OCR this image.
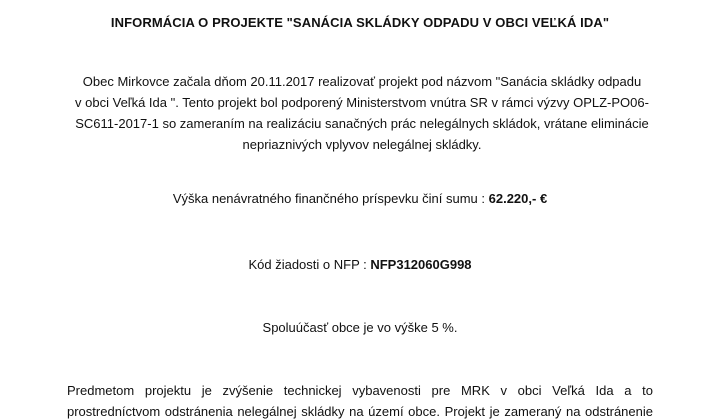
INFORMÁCIA O PROJEKTE "SANÁCIA SKLÁDKY ODPADU V OBCI VEĽKÁ IDA"
Obec Mirkovce začala dňom 20.11.2017 realizovať projekt pod názvom "Sanácia skládky odpadu
v obci Veľká Ida ". Tento projekt bol podporený Ministerstvom vnútra SR v rámci výzvy OPLZ-PO06-
SC611-2017-1 so zameraním na realizáciu sanačných prác nelegálnych skládok, vrátane eliminácie
nepriaznivých vplyvov nelegálnej skládky.
Výška nenávratného finančného príspevku činí sumu : 62.220,- €
Kód žiadosti o NFP : NFP312060G998
Spoluúčasť obce je vo výške 5 %.
Predmetom projektu je zvýšenie technickej vybavenosti pre MRK v obci Veľká Ida a to
prostredníctvom odstránenia nelegálnej skládky na území obce. Projekt je zameraný na odstránenie
